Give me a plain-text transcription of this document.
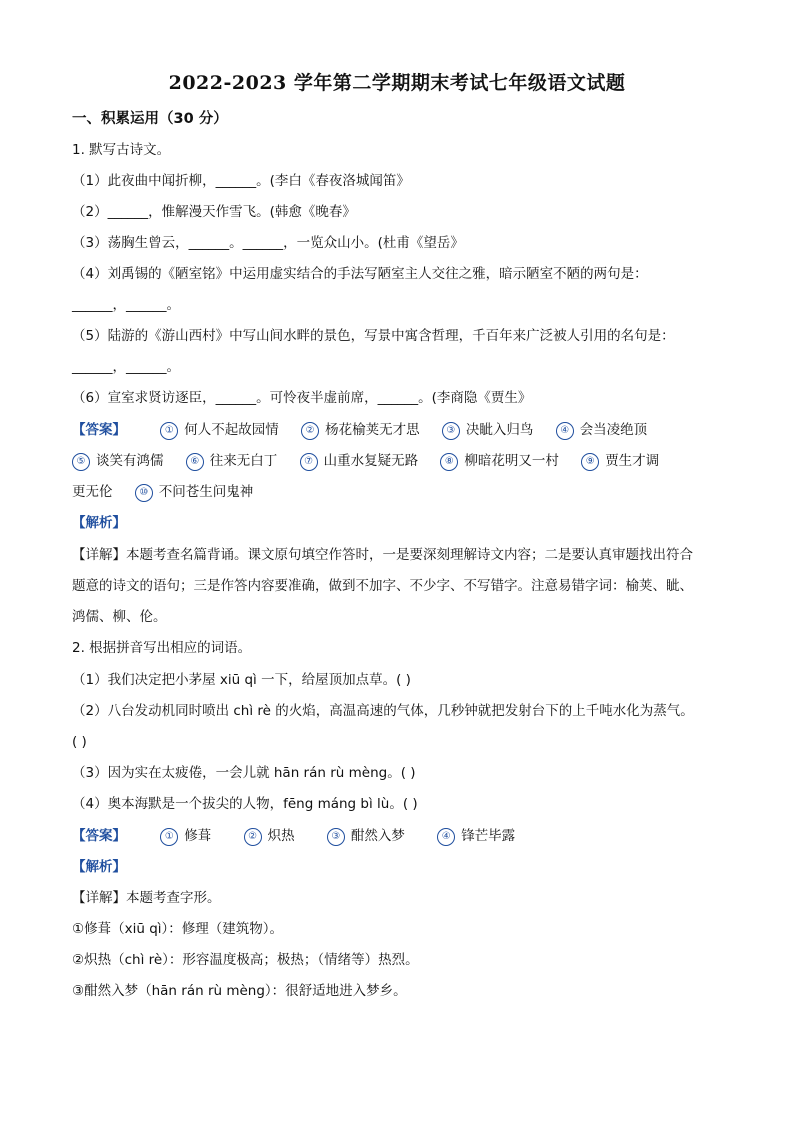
2022-2023 学年第二学期期末考试七年级语文试题
一、积累运用（30 分）
1. 默写古诗文。
（1）此夜曲中闻折柳，______。(李白《春夜洛城闻笛》
（2）______，惟解漫天作雪飞。(韩愈《晚春》
（3）荡胸生曾云，______。______，一览众山小。(杜甫《望岳》
（4）刘禹锡的《陋室铭》中运用虚实结合的手法写陋室主人交往之雅，暗示陋室不陋的两句是：
______，______。
（5）陆游的《游山西村》中写山间水畔的景色，写景中寓含哲理，千百年来广泛被人引用的名句是：
______，______。
（6）宣室求贤访逐臣，______。可怜夜半虚前席，______。(李商隐《贾生》
【答案】	① 何人不起故园情	② 杨花榆荚无才思	③ 决眦入归鸟	④ 会当凌绝顶
⑤ 谈笑有鸿儒	⑥ 往来无白丁	⑦ 山重水复疑无路	⑧ 柳暗花明又一村	⑨ 贾生才调
更无伦	⑩ 不问苍生问鬼神
【解析】
【详解】本题考查名篇背诵。课文原句填空作答时，一是要深刻理解诗文内容；二是要认真审题找出符合
题意的诗文的语句；三是作答内容要准确，做到不加字、不少字、不写错字。注意易错字词：榆荚、眦、
鸿儒、柳、伦。
2. 根据拼音写出相应的词语。
（1）我们决定把小茅屋 xiū qì 一下，给屋顶加点草。( )
（2）八台发动机同时喷出 chì rè 的火焰，高温高速的气体，几秒钟就把发射台下的上千吨水化为蒸气。
( )
（3）因为实在太疲倦，一会儿就 hān rán rù mèng。( )
（4）奥本海默是一个拔尖的人物，fēng máng bì lù。( )
【答案】	① 修葺	② 炽热	③ 酣然入梦	④ 锋芒毕露
【解析】
【详解】本题考查字形。
①修葺（xiū qì）：修理（建筑物）。
②炽热（chì rè）：形容温度极高；极热；（情绪等）热烈。
③酣然入梦（hān rán rù mèng）：很舒适地进入梦乡。
